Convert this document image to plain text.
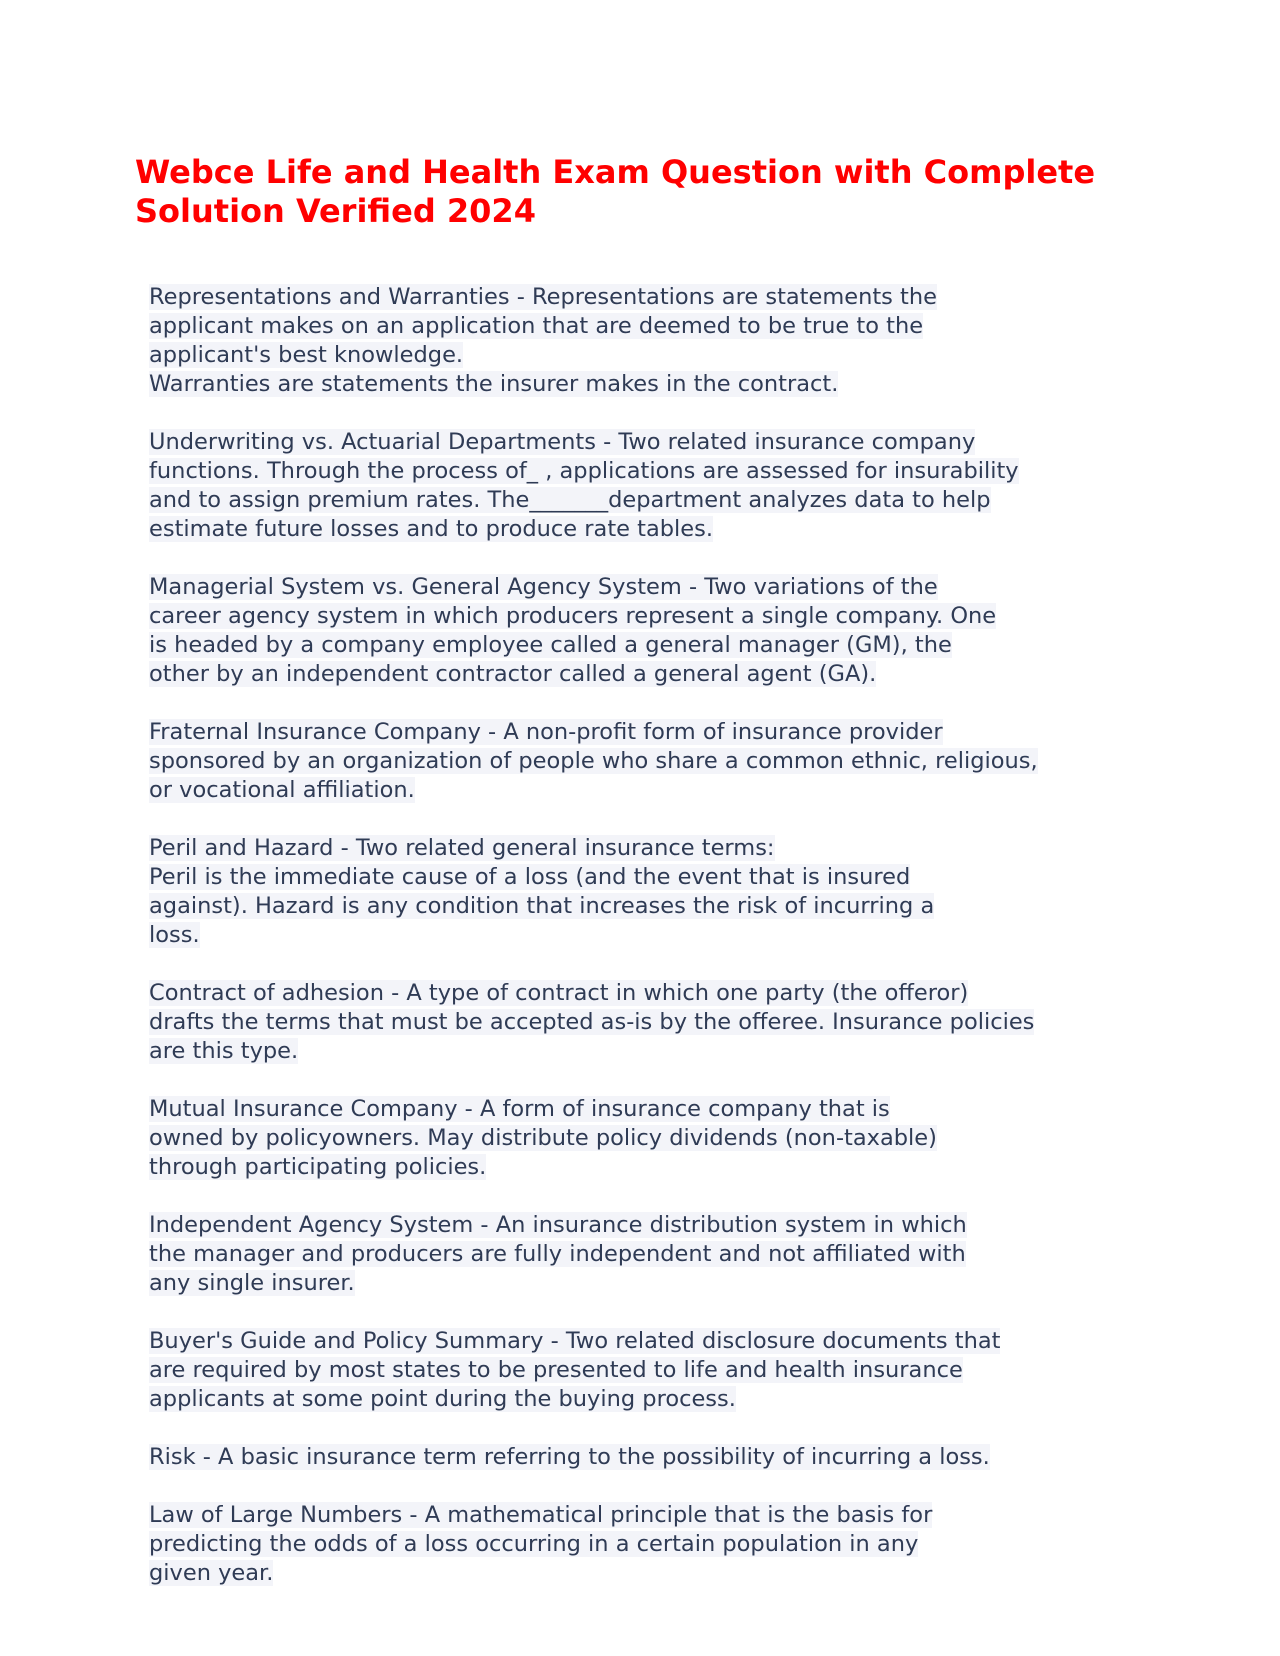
Webce Life and Health Exam Question with Complete
Solution Verified 2024

Representations and Warranties - Representations are statements the
applicant makes on an application that are deemed to be true to the
applicant's best knowledge.
Warranties are statements the insurer makes in the contract.

Underwriting vs. Actuarial Departments - Two related insurance company
functions. Through the process of_ , applications are assessed for insurability
and to assign premium rates. The_______department analyzes data to help
estimate future losses and to produce rate tables.

Managerial System vs. General Agency System - Two variations of the
career agency system in which producers represent a single company. One
is headed by a company employee called a general manager (GM), the
other by an independent contractor called a general agent (GA).

Fraternal Insurance Company - A non-profit form of insurance provider
sponsored by an organization of people who share a common ethnic, religious,
or vocational affiliation.

Peril and Hazard - Two related general insurance terms:
Peril is the immediate cause of a loss (and the event that is insured
against). Hazard is any condition that increases the risk of incurring a
loss.

Contract of adhesion - A type of contract in which one party (the offeror)
drafts the terms that must be accepted as-is by the offeree. Insurance policies
are this type.

Mutual Insurance Company - A form of insurance company that is
owned by policyowners. May distribute policy dividends (non-taxable)
through participating policies.

Independent Agency System - An insurance distribution system in which
the manager and producers are fully independent and not affiliated with
any single insurer.

Buyer's Guide and Policy Summary - Two related disclosure documents that
are required by most states to be presented to life and health insurance
applicants at some point during the buying process.

Risk - A basic insurance term referring to the possibility of incurring a loss.

Law of Large Numbers - A mathematical principle that is the basis for
predicting the odds of a loss occurring in a certain population in any
given year.
